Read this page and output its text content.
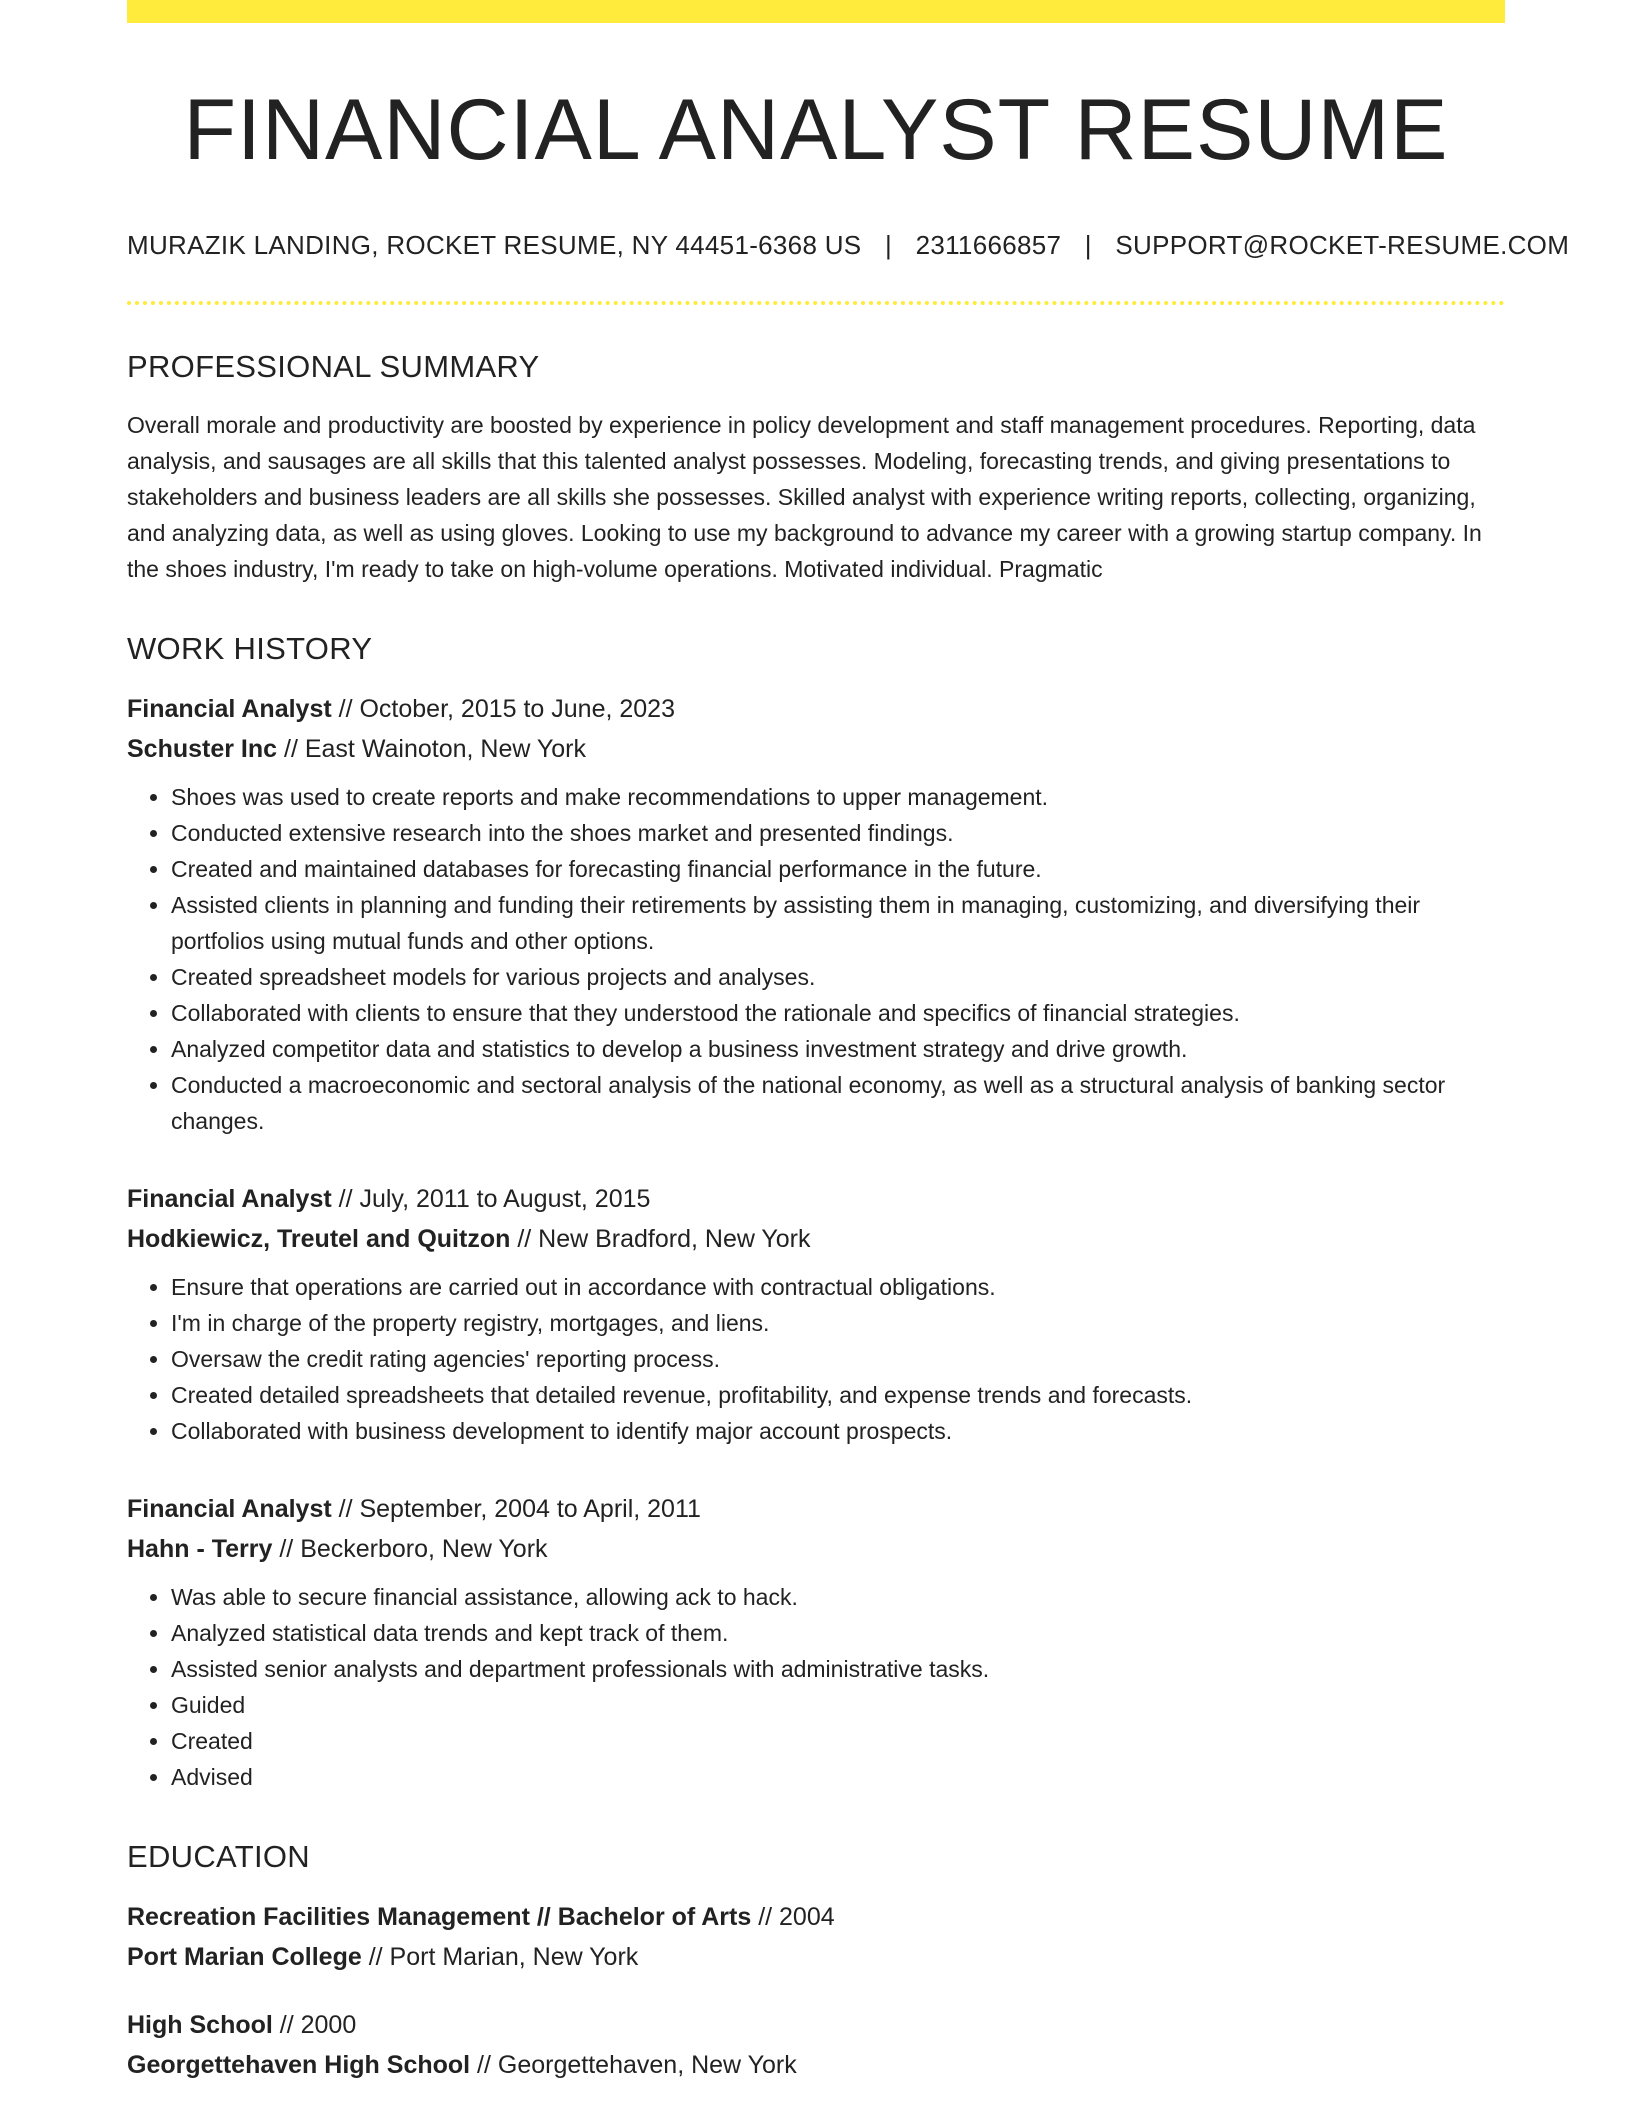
FINANCIAL ANALYST RESUME
MURAZIK LANDING, ROCKET RESUME, NY 44451-6368 US | 2311666857 | SUPPORT@ROCKET-RESUME.COM
PROFESSIONAL SUMMARY

Overall morale and productivity are boosted by experience in policy development and staff management procedures. Reporting, data analysis, and sausages are all skills that this talented analyst possesses. Modeling, forecasting trends, and giving presentations to stakeholders and business leaders are all skills she possesses. Skilled analyst with experience writing reports, collecting, organizing, and analyzing data, as well as using gloves. Looking to use my background to advance my career with a growing startup company. In the shoes industry, I'm ready to take on high-volume operations. Motivated individual. Pragmatic

WORK HISTORY
Financial Analyst // October, 2015 to June, 2023
Schuster Inc // East Wainoton, New York
• Shoes was used to create reports and make recommendations to upper management.
• Conducted extensive research into the shoes market and presented findings.
• Created and maintained databases for forecasting financial performance in the future.
• Assisted clients in planning and funding their retirements by assisting them in managing, customizing, and diversifying their portfolios using mutual funds and other options.
• Created spreadsheet models for various projects and analyses.
• Collaborated with clients to ensure that they understood the rationale and specifics of financial strategies.
• Analyzed competitor data and statistics to develop a business investment strategy and drive growth.
• Conducted a macroeconomic and sectoral analysis of the national economy, as well as a structural analysis of banking sector changes.
Financial Analyst // July, 2011 to August, 2015
Hodkiewicz, Treutel and Quitzon // New Bradford, New York
• Ensure that operations are carried out in accordance with contractual obligations.
• I'm in charge of the property registry, mortgages, and liens.
• Oversaw the credit rating agencies' reporting process.
• Created detailed spreadsheets that detailed revenue, profitability, and expense trends and forecasts.
• Collaborated with business development to identify major account prospects.
Financial Analyst // September, 2004 to April, 2011
Hahn - Terry // Beckerboro, New York
• Was able to secure financial assistance, allowing ack to hack.
• Analyzed statistical data trends and kept track of them.
• Assisted senior analysts and department professionals with administrative tasks.
• Guided
• Created
• Advised
EDUCATION
Recreation Facilities Management // Bachelor of Arts // 2004
Port Marian College // Port Marian, New York
High School // 2000
Georgettehaven High School // Georgettehaven, New York
